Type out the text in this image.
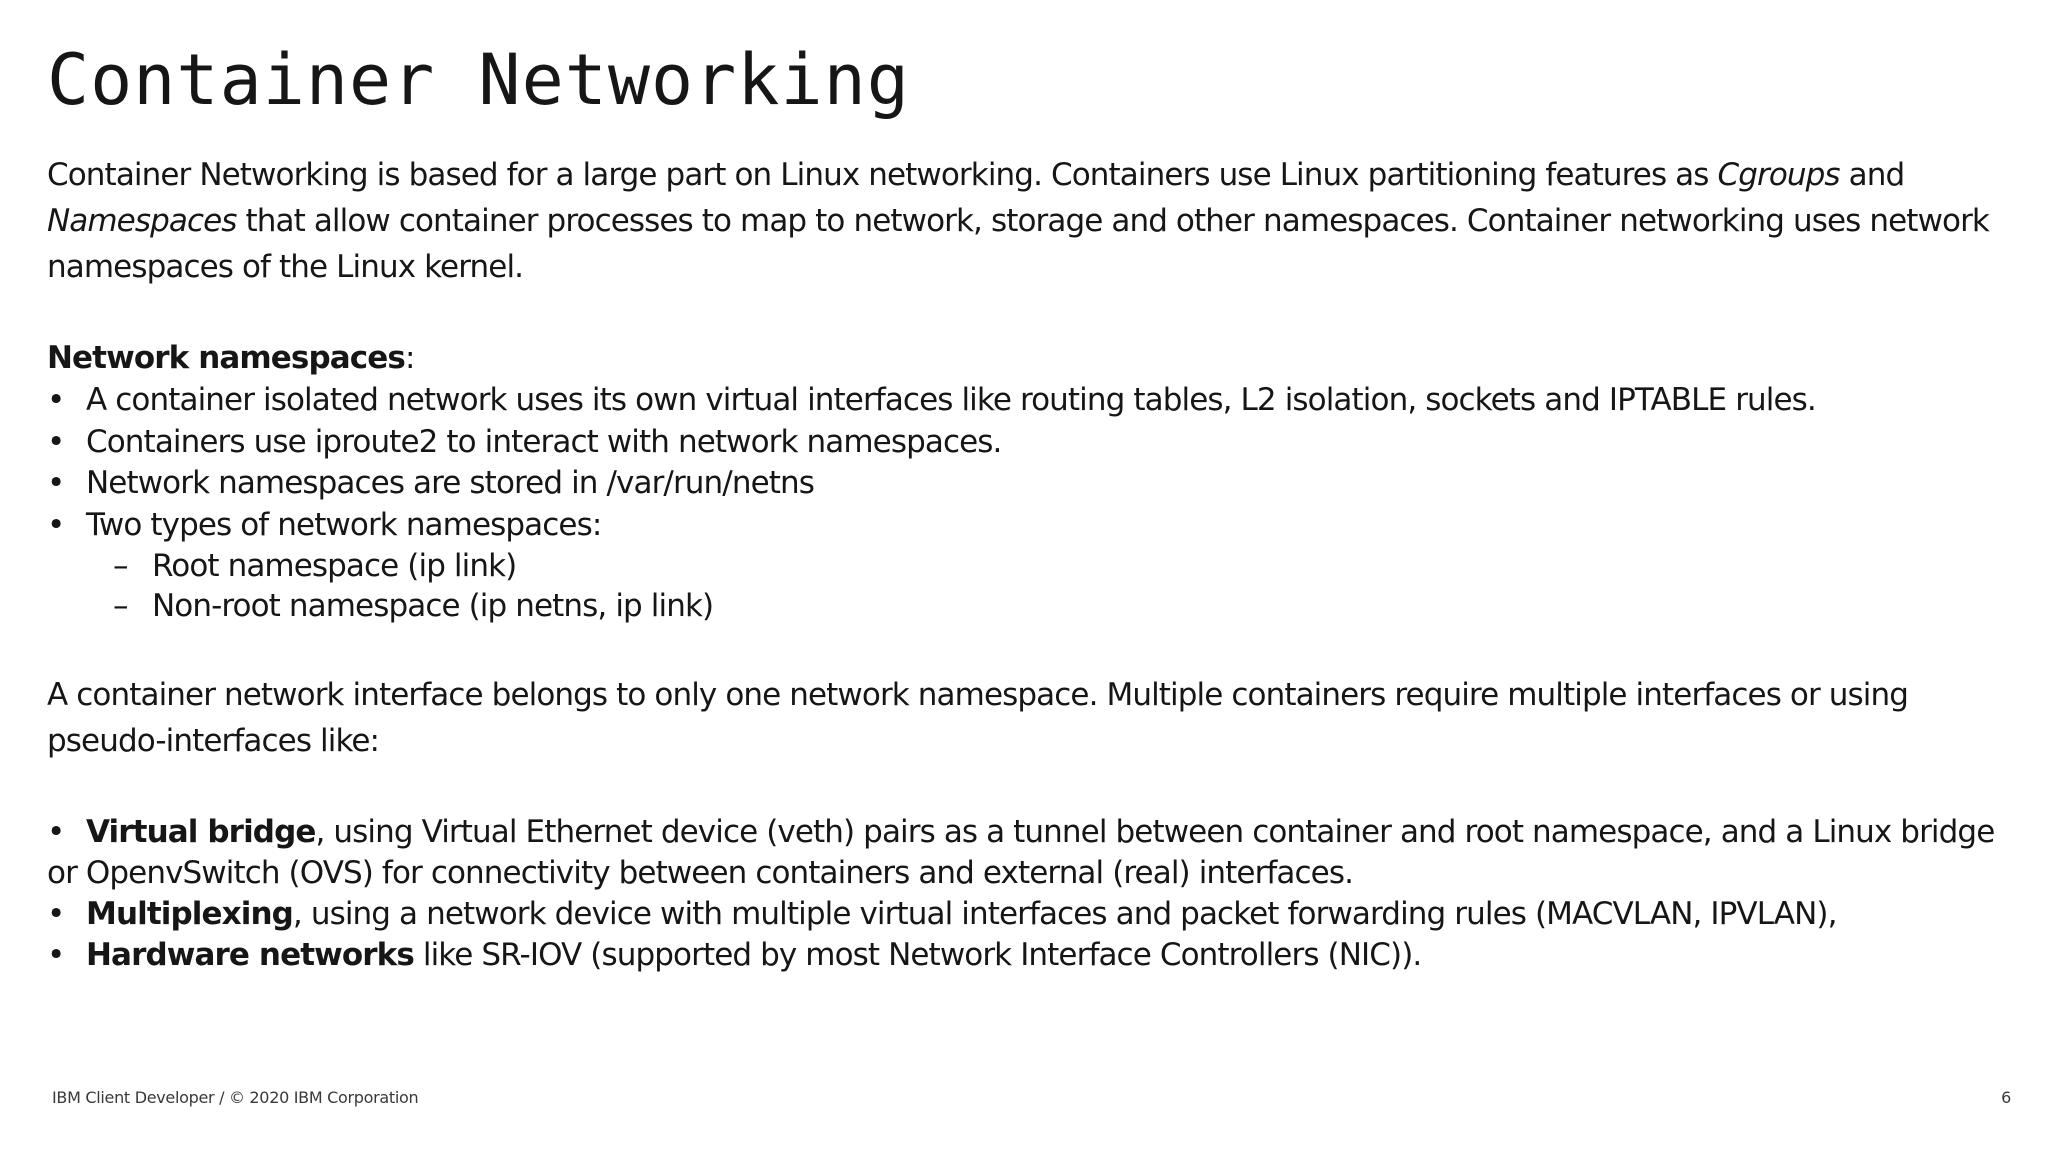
Container Networking

Container Networking is based for a large part on Linux networking. Containers use Linux partitioning features as Cgroups and Namespaces that allow container processes to map to network, storage and other namespaces. Container networking uses network namespaces of the Linux kernel.

Network namespaces:

• A container isolated network uses its own virtual interfaces like routing tables, L2 isolation, sockets and IPTABLE rules.
• Containers use iproute2 to interact with network namespaces.
• Network namespaces are stored in /var/run/netns
• Two types of network namespaces:
– Root namespace (ip link)
– Non-root namespace (ip netns, ip link)

A container network interface belongs to only one network namespace. Multiple containers require multiple interfaces or using pseudo-interfaces like:

• Virtual bridge, using Virtual Ethernet device (veth) pairs as a tunnel between container and root namespace, and a Linux bridge or OpenvSwitch (OVS) for connectivity between containers and external (real) interfaces.
• Multiplexing, using a network device with multiple virtual interfaces and packet forwarding rules (MACVLAN, IPVLAN),
• Hardware networks like SR-IOV (supported by most Network Interface Controllers (NIC)).
IBM Client Developer / © 2020 IBM Corporation	6
